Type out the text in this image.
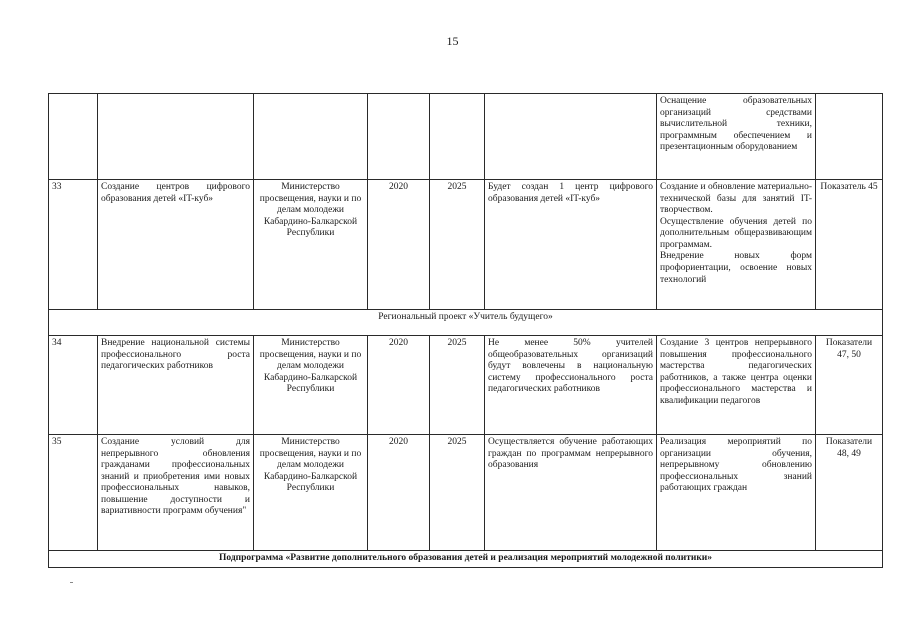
15
						Оснащение образовательных организаций средствами вычислительной техники, программным обеспечением и презентационным оборудованием	
33	Создание центров цифрового образования детей «IT-куб»	Министерство просвещения, науки и по делам молодежи Кабардино-Балкарской Республики	2020	2025	Будет создан 1 центр цифрового образования детей «IT-куб»	Создание и обновление материально-технической базы для занятий IT-творчеством.
Осуществление обучения детей по дополнительным общеразвивающим программам.
Внедрение новых форм профориентации, освоение новых технологий	Показатель 45
Региональный проект «Учитель будущего»							
34	Внедрение национальной системы профессионального роста педагогических работников	Министерство просвещения, науки и по делам молодежи Кабардино-Балкарской Республики	2020	2025	Не менее 50% учителей общеобразовательных организаций будут вовлечены в национальную систему профессионального роста педагогических работников	Создание 3 центров непрерывного повышения профессионального мастерства педагогических работников, а также центра оценки профессионального мастерства и квалификации педагогов	Показатели 47, 50
35	Создание условий для непрерывного обновления гражданами профессиональных знаний и приобретения ими новых профессиональных навыков, повышение доступности и вариативности программ обучения"	Министерство просвещения, науки и по делам молодежи Кабардино-Балкарской Республики	2020	2025	Осуществляется обучение работающих граждан по программам непрерывного образования	Реализация мероприятий по организации обучения, непрерывному обновлению профессиональных знаний работающих граждан	Показатели 48, 49
Подпрограмма «Развитие дополнительного образования детей и реализация мероприятий молодежной политики»							
